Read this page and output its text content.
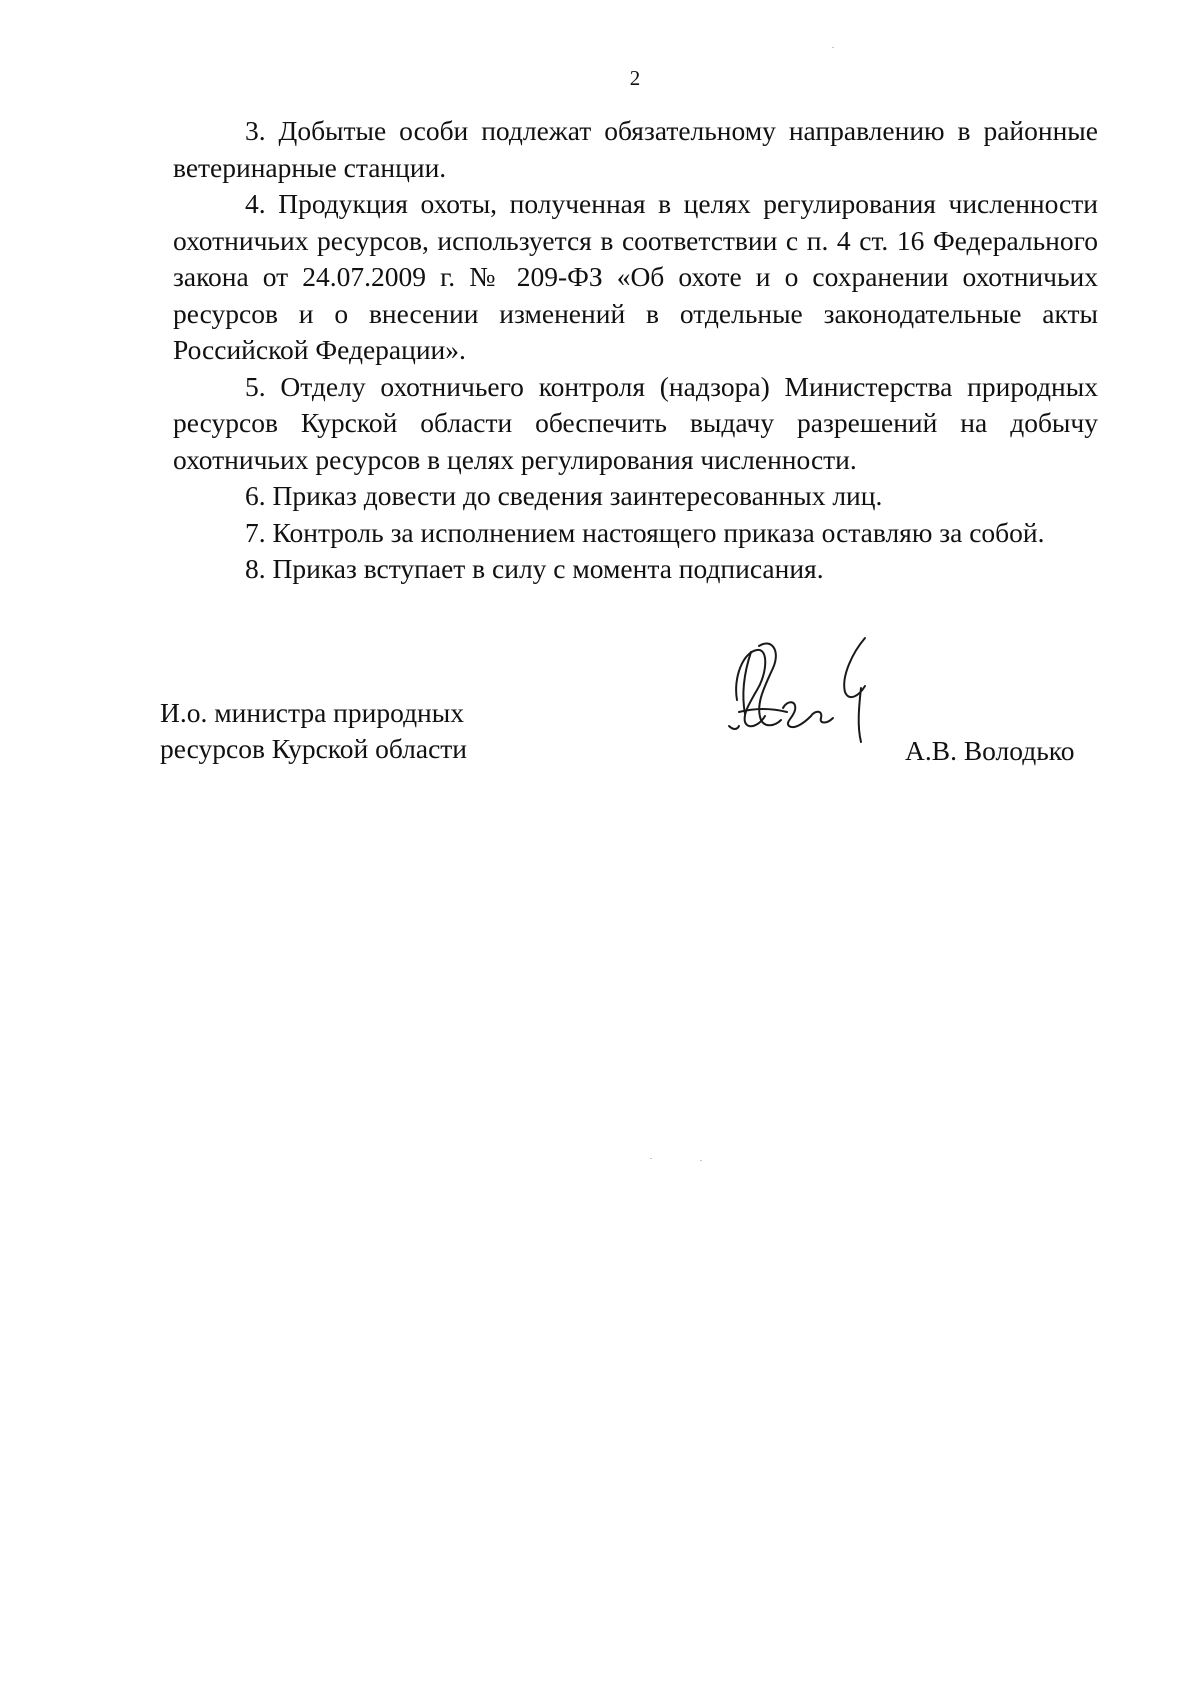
2

3. Добытые особи подлежат обязательному направлению в районные ветеринарные станции.

4. Продукция охоты, полученная в целях регулирования численности охотничьих ресурсов, используется в соответствии с п. 4 ст. 16 Федерального закона от 24.07.2009 г. № 209-ФЗ «Об охоте и о сохранении охотничьих ресурсов и о внесении изменений в отдельные законодательные акты Российской Федерации».

5. Отделу охотничьего контроля (надзора) Министерства природных ресурсов Курской области обеспечить выдачу разрешений на добычу охотничьих ресурсов в целях регулирования численности.

6. Приказ довести до сведения заинтересованных лиц.

7. Контроль за исполнением настоящего приказа оставляю за собой.

8. Приказ вступает в силу с момента подписания.

И.о. министра природных
ресурсов Курской области	А.В. Володько
